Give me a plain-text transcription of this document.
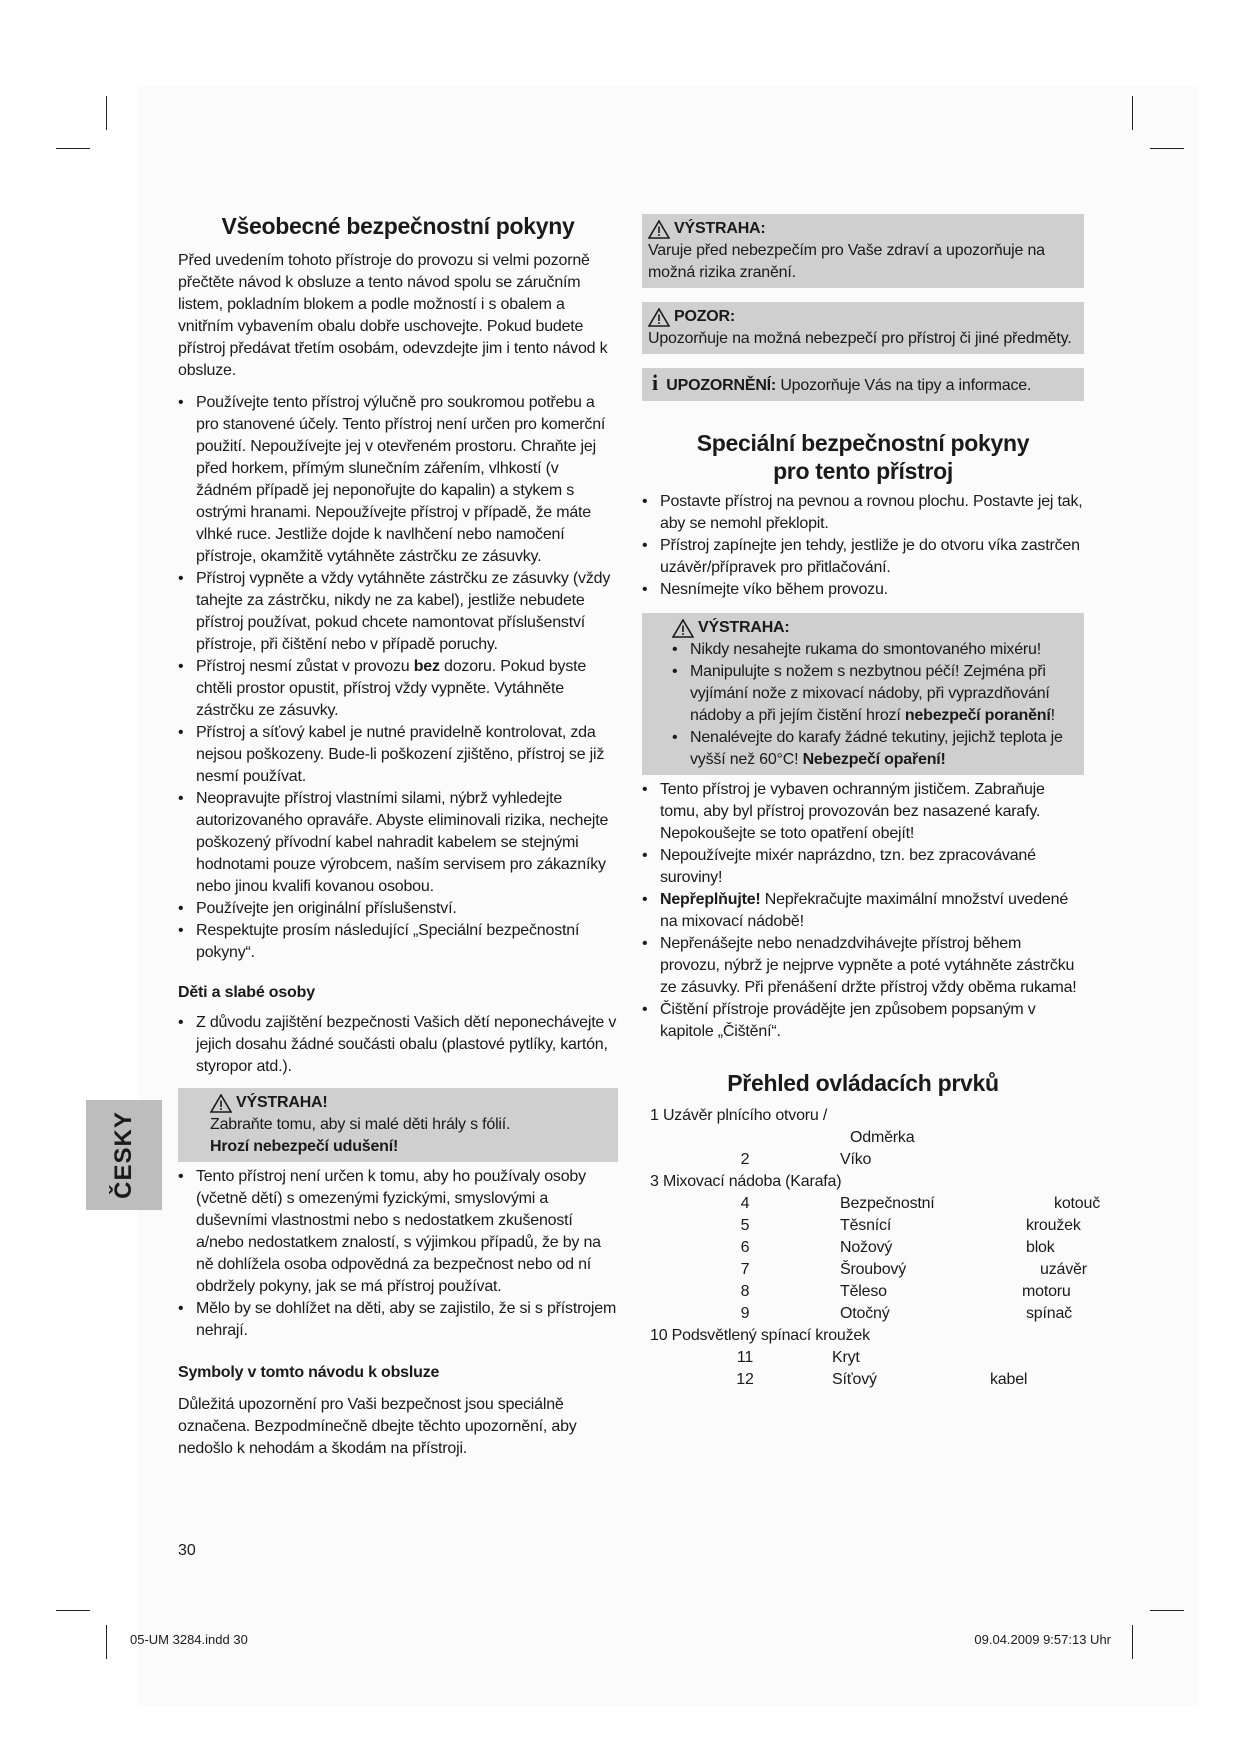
Všeobecné bezpečnostní pokyny

Před uvedením tohoto přístroje do provozu si velmi pozorně přečtěte návod k obsluze a tento návod spolu se záručním listem, pokladním blokem a podle možností i s obalem a vnitřním vybavením obalu dobře uschovejte. Pokud budete přístroj předávat třetím osobám, odevzdejte jim i tento návod k obsluze.

• Používejte tento přístroj výlučně pro soukromou potřebu a pro stanovené účely. Tento přístroj není určen pro komerční použití. Nepoužívejte jej v otevřeném prostoru. Chraňte jej před horkem, přímým slunečním zářením, vlhkostí (v žádném případě jej neponořujte do kapalin) a stykem s ostrými hranami. Nepoužívejte přístroj v případě, že máte vlhké ruce. Jestliže dojde k navlhčení nebo namočení přístroje, okamžitě vytáhněte zástrčku ze zásuvky.
• Přístroj vypněte a vždy vytáhněte zástrčku ze zásuvky (vždy tahejte za zástrčku, nikdy ne za kabel), jestliže nebudete přístroj používat, pokud chcete namontovat příslušenství přístroje, při čištění nebo v případě poruchy.
• Přístroj nesmí zůstat v provozu bez dozoru. Pokud byste chtěli prostor opustit, přístroj vždy vypněte. Vytáhněte zástrčku ze zásuvky.
• Přístroj a síťový kabel je nutné pravidelně kontrolovat, zda nejsou poškozeny. Bude-li poškození zjištěno, přístroj se již nesmí používat.
• Neopravujte přístroj vlastními silami, nýbrž vyhledejte autorizovaného opraváře. Abyste eliminovali rizika, nechejte poškozený přívodní kabel nahradit kabelem se stejnými hodnotami pouze výrobcem, naším servisem pro zákazníky nebo jinou kvalifi kovanou osobou.
• Používejte jen originální příslušenství.
• Respektujte prosím následující „Speciální bezpečnostní pokyny“.
Děti a slabé osoby
• Z důvodu zajištění bezpečnosti Vašich dětí neponechávejte v jejich dosahu žádné součásti obalu (plastové pytlíky, kartón, styropor atd.).
VÝSTRAHA!
Zabraňte tomu, aby si malé děti hrály s fólií.
Hrozí nebezpečí udušení!
• Tento přístroj není určen k tomu, aby ho používaly osoby (včetně dětí) s omezenými fyzickými, smyslovými a duševními vlastnostmi nebo s nedostatkem zkušeností a/nebo nedostatkem znalostí, s výjimkou případů, že by na ně dohlížela osoba odpovědná za bezpečnost nebo od ní obdržely pokyny, jak se má přístroj používat.
• Mělo by se dohlížet na děti, aby se zajistilo, že si s přístrojem nehrají.
Symboly v tomto návodu k obsluze

Důležitá upozornění pro Vaši bezpečnost jsou speciálně označena. Bezpodmínečně dbejte těchto upozornění, aby nedošlo k nehodám a škodám na přístroji.

VÝSTRAHA:
Varuje před nebezpečím pro Vaše zdraví a upozorňuje na možná rizika zranění.
POZOR:
Upozorňuje na možná nebezpečí pro přístroj či jiné předměty.
i UPOZORNĚNÍ: Upozorňuje Vás na tipy a informace.
Speciální bezpečnostní pokyny
pro tento přístroj
• Postavte přístroj na pevnou a rovnou plochu. Postavte jej tak, aby se nemohl překlopit.
• Přístroj zapínejte jen tehdy, jestliže je do otvoru víka zastrčen uzávěr/přípravek pro přitlačování.
• Nesnímejte víko během provozu.
VÝSTRAHA:
• Nikdy nesahejte rukama do smontovaného mixéru!
• Manipulujte s nožem s nezbytnou péčí! Zejména při vyjímání nože z mixovací nádoby, při vyprazdňování nádoby a při jejím čistění hrozí nebezpečí poranění!
• Nenalévejte do karafy žádné tekutiny, jejichž teplota je vyšší než 60°C! Nebezpečí opaření!
• Tento přístroj je vybaven ochranným jističem. Zabraňuje tomu, aby byl přístroj provozován bez nasazené karafy. Nepokoušejte se toto opatření obejít!
• Nepoužívejte mixér naprázdno, tzn. bez zpracovávané suroviny!
• Nepřeplňujte! Nepřekračujte maximální množství uvedené na mixovací nádobě!
• Nepřenášejte nebo nenadzdvihávejte přístroj během provozu, nýbrž je nejprve vypněte a poté vytáhněte zástrčku ze zásuvky. Při přenášení držte přístroj vždy oběma rukama!
• Čištění přístroje provádějte jen způsobem popsaným v kapitole „Čištění“.
Přehled ovládacích prvků
1 Uzávěr plnícího otvoru /
Odměrka
2	Víko
3 Mixovací nádoba (Karafa)
4	Bezpečnostní	kotouč
5	Těsnící	kroužek
6	Nožový	blok
7	Šroubový	uzávěr
8	Těleso	motoru
9	Otočný	spínač
10 Podsvětlený spínací kroužek
11	Kryt
12	Síťový	kabel
ČESKY
30
05-UM 3284.indd 30	09.04.2009 9:57:13 Uhr
